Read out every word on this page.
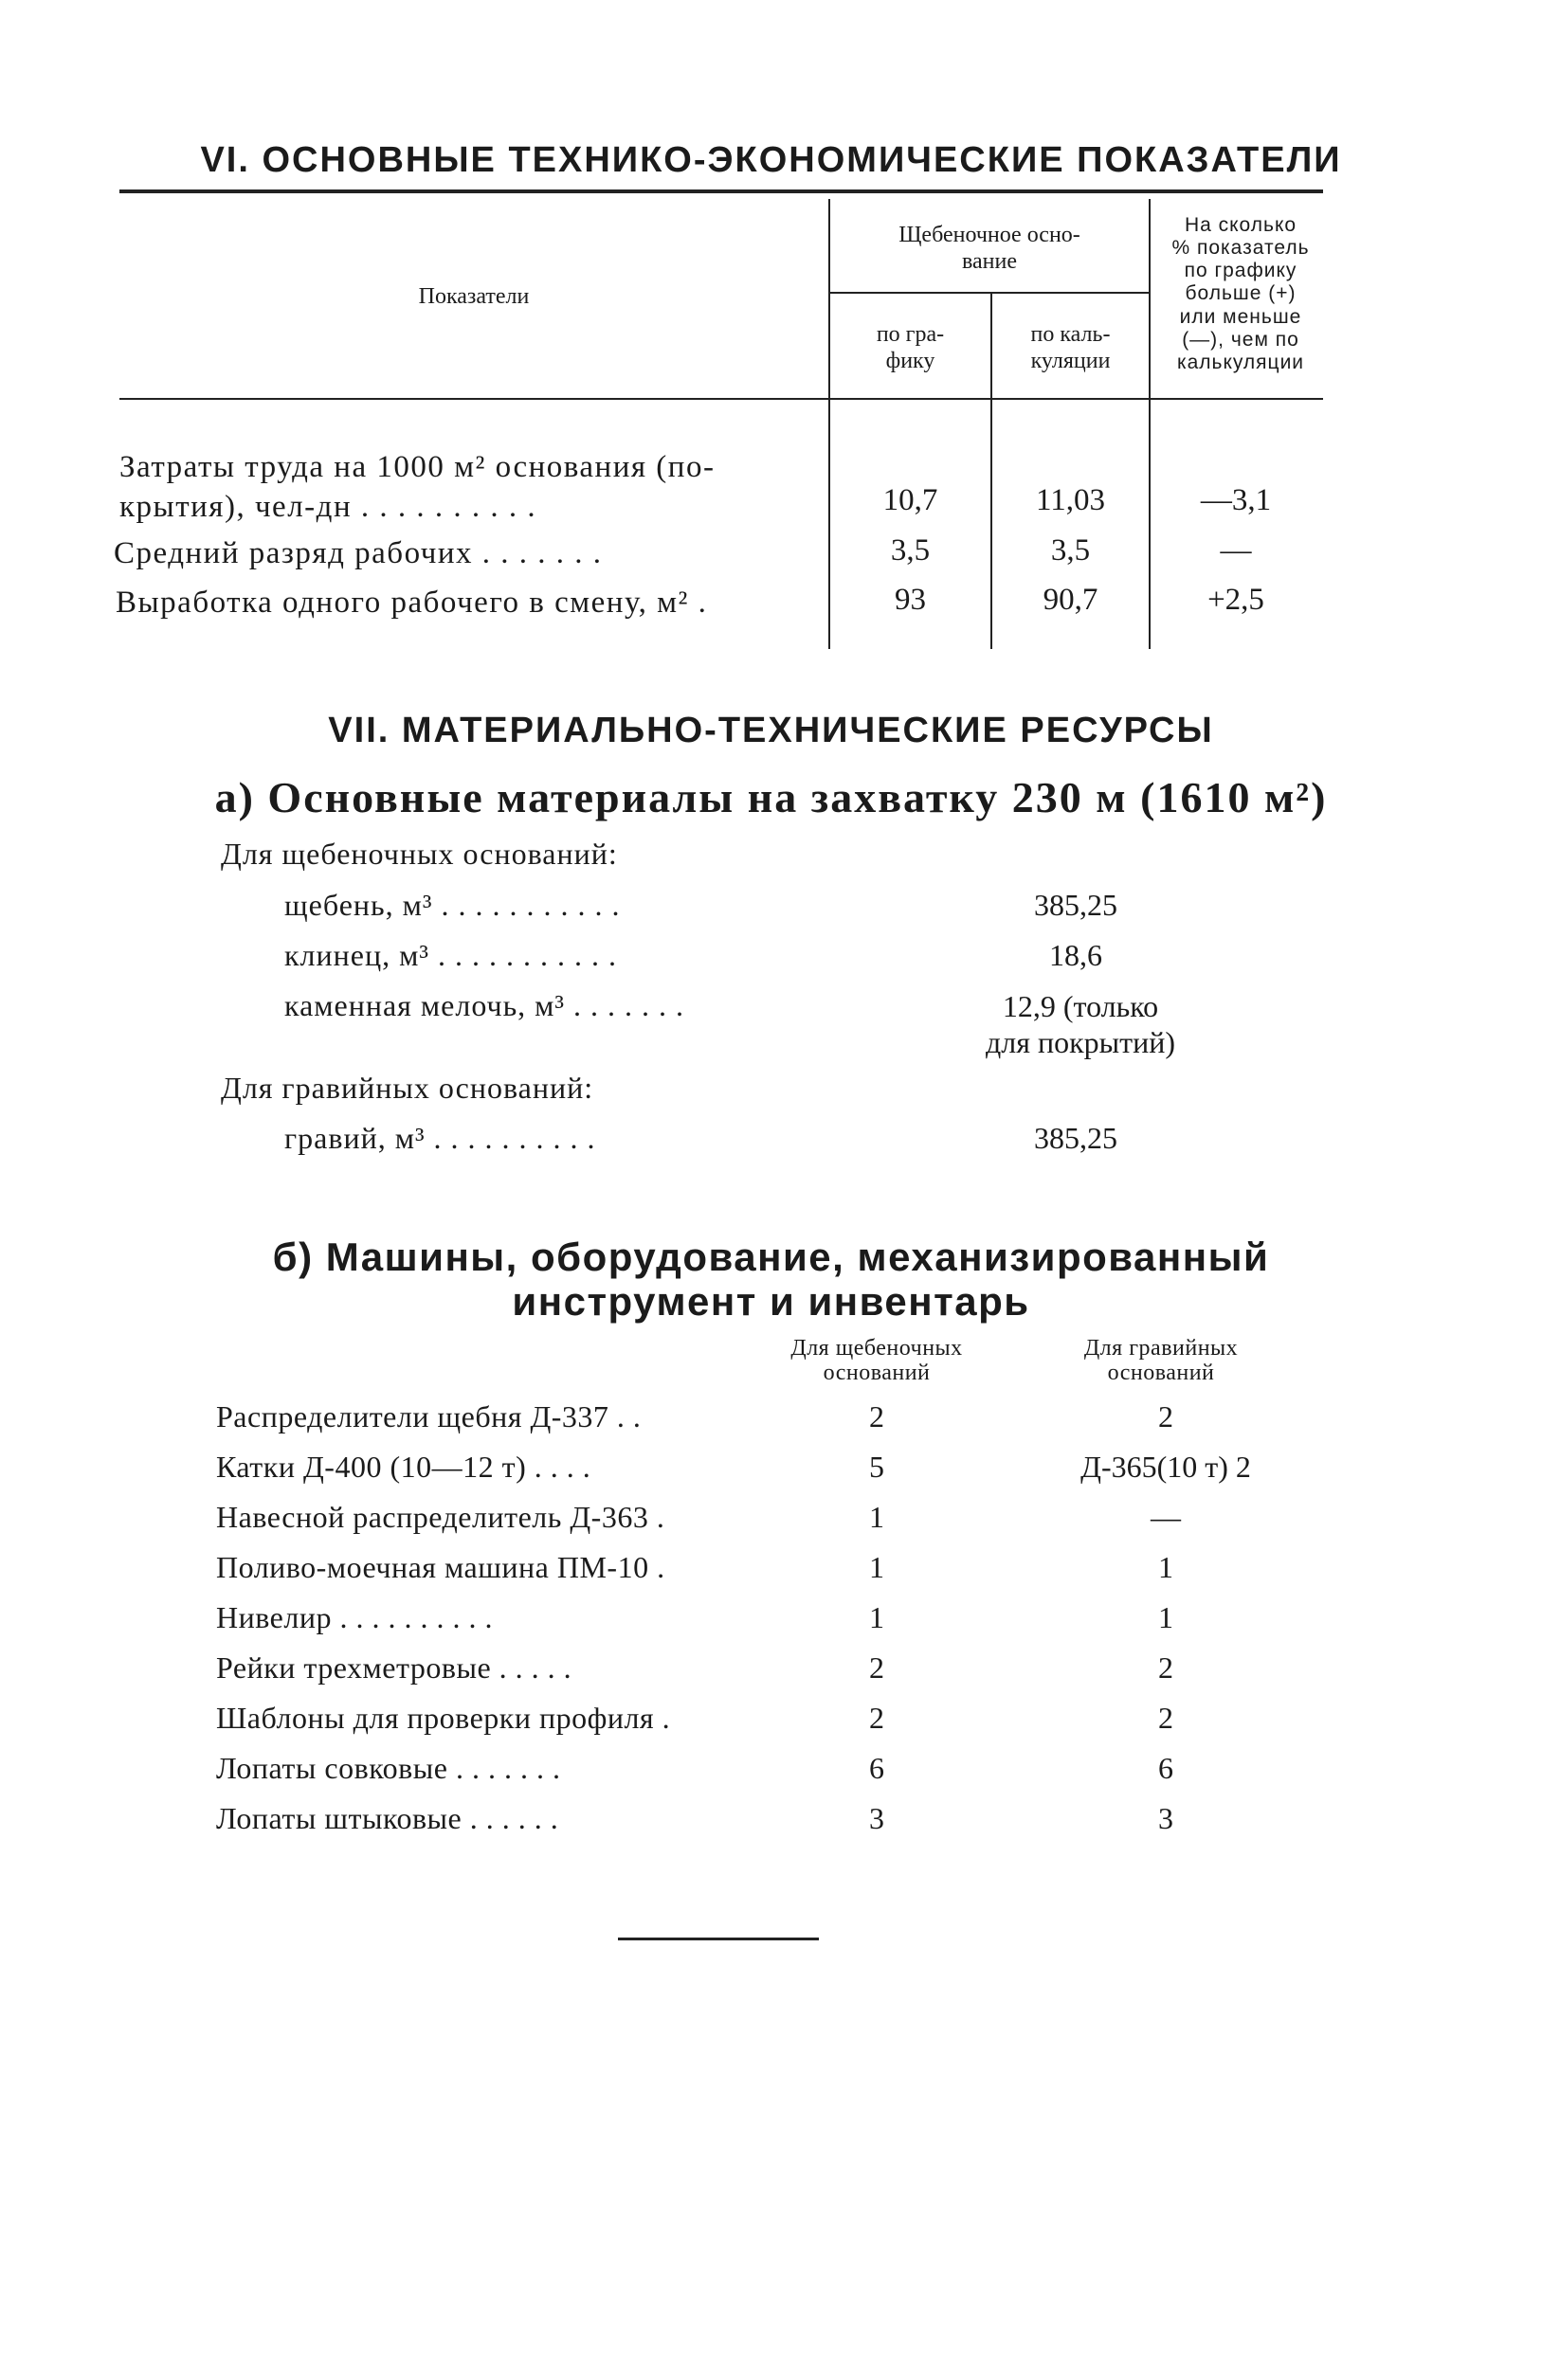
VI. ОСНОВНЫЕ ТЕХНИКО-ЭКОНОМИЧЕСКИЕ ПОКАЗАТЕЛИ
Показатели
Щебеночное осно-
вание
по гра-
фику
по каль-
куляции
На сколько
% показатель
по графику
больше (+)
или меньше
(—), чем по
калькуляции
Затраты труда на 1000 м² основания (по-
крытия), чел-дн . . . . . . . . . .	10,7	11,03	—3,1
Средний разряд рабочих . . . . . . .	3,5	3,5	—
Выработка одного рабочего в смену, м² .	93	90,7	+2,5
VII. МАТЕРИАЛЬНО-ТЕХНИЧЕСКИЕ РЕСУРСЫ
а) Основные материалы на захватку 230 м (1610 м²)
Для щебеночных оснований:
щебень, м³ . . . . . . . . . . .	385,25
клинец, м³ . . . . . . . . . . .	18,6
каменная мелочь, м³ . . . . . . .	12,9 (только
для покрытий)
Для гравийных оснований:
гравий, м³ . . . . . . . . . .	385,25
б) Машины, оборудование, механизированный
инструмент и инвентарь
Для щебеночных
оснований
Для гравийных
оснований
Распределители щебня Д-337 . .	2	2
Катки Д-400 (10—12 т) . . . .	5	Д-365(10 т) 2
Навесной распределитель Д-363 .	1	—
Поливо-моечная машина ПМ-10 .	1	1
Нивелир . . . . . . . . . .	1	1
Рейки трехметровые . . . . .	2	2
Шаблоны для проверки профиля .	2	2
Лопаты совковые . . . . . . .	6	6
Лопаты штыковые . . . . . .	3	3
